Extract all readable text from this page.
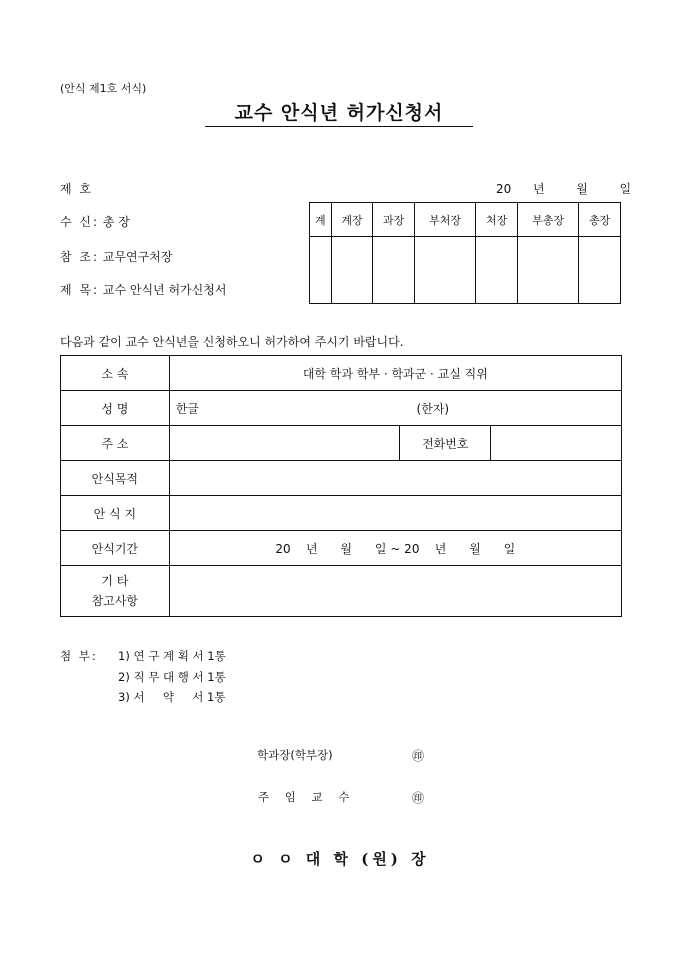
(안식 제1호 서식)
교수 안식년 허가신청서
제 호	20 년	월	일
수 신: 총 장
참 조: 교무연구처장
제 목: 교수 안식년 허가신청서
계	계장	과장	부처장	처장	부총장	총장

다음과 같이 교수 안식년을 신청하오니 허가하여 주시기 바랍니다.
소 속	대학 학과 학부 · 학과군 · 교실 직위		
성 명	한글 (한자)		
주 소		전화번호	
안식목적			
안 식 지			
안식기간	20    년      월      일 ~ 20    년      월      일		

기 타
참고사항			

첨 부: 1) 연 구 계 획 서 1통
2) 직 무 대 행 서 1통
3) 서     약     서 1통
학과장(학부장)	㊞
주 임 교 수	㊞
ㅇ ㅇ 대 학 (원) 장
